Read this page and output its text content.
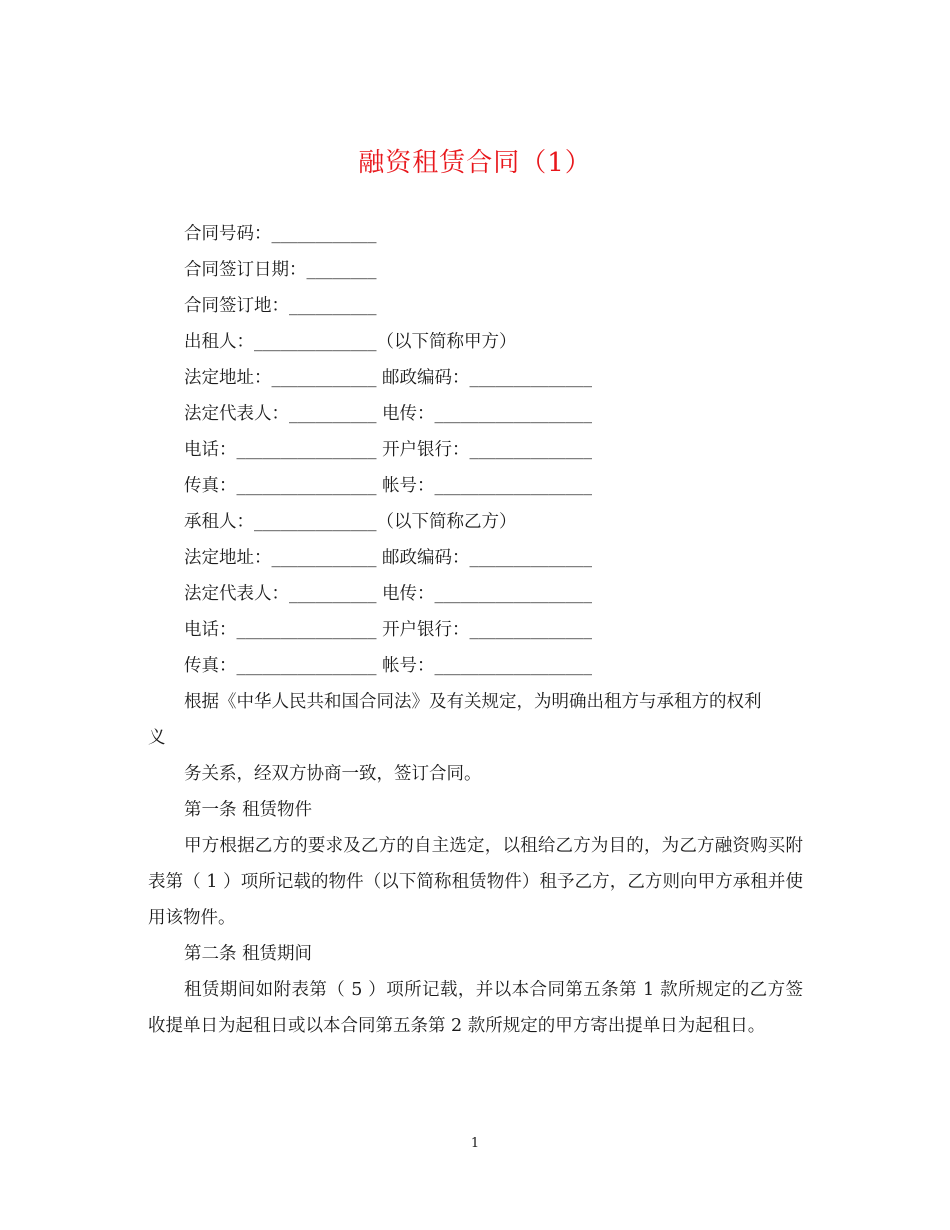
融资租赁合同（1）
合同号码：____________
合同签订日期：________
合同签订地：__________
出租人：______________（以下简称甲方）
法定地址：____________ 邮政编码：______________
法定代表人：__________ 电传：__________________
电话：________________ 开户银行：______________
传真：________________ 帐号：__________________
承租人：______________（以下简称乙方）
法定地址：____________ 邮政编码：______________
法定代表人：__________ 电传：__________________
电话：________________ 开户银行：______________
传真：________________ 帐号：__________________
根据《中华人民共和国合同法》及有关规定，为明确出租方与承租方的权利
义
务关系，经双方协商一致，签订合同。
第一条 租赁物件
甲方根据乙方的要求及乙方的自主选定，以租给乙方为目的，为乙方融资购买附表第（ 1 ）项所记载的物件（以下简称租赁物件）租予乙方，乙方则向甲方承租并使用该物件。
第二条 租赁期间
租赁期间如附表第（ 5 ）项所记载，并以本合同第五条第 1 款所规定的乙方签收提单日为起租日或以本合同第五条第 2 款所规定的甲方寄出提单日为起租日。
1
